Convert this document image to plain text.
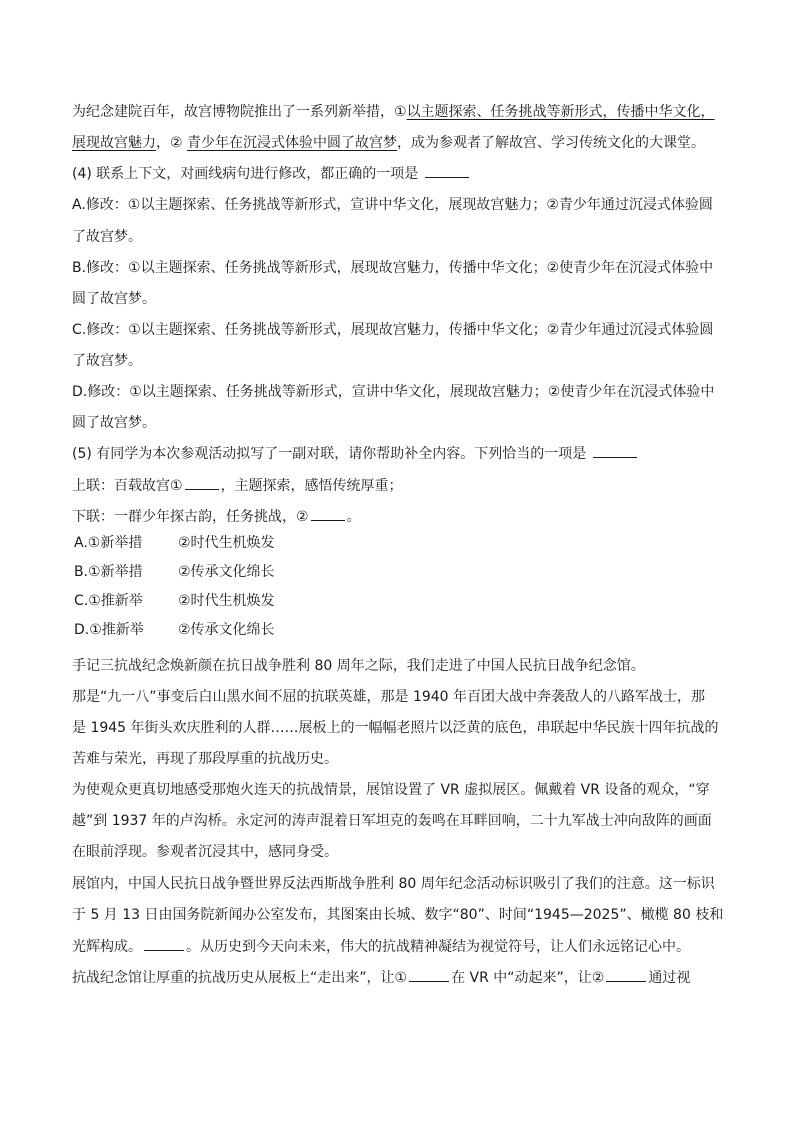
为纪念建院百年，故宫博物院推出了一系列新举措，①以主题探索、任务挑战等新形式，传播中华文化，
展现故宫魅力，② 青少年在沉浸式体验中圆了故宫梦，成为参观者了解故宫、学习传统文化的大课堂。
(4) 联系上下文，对画线病句进行修改，都正确的一项是
A.修改：①以主题探索、任务挑战等新形式，宣讲中华文化，展现故宫魅力；②青少年通过沉浸式体验圆
了故宫梦。
B.修改：①以主题探索、任务挑战等新形式，展现故宫魅力，传播中华文化；②使青少年在沉浸式体验中
圆了故宫梦。
C.修改：①以主题探索、任务挑战等新形式，展现故宫魅力，传播中华文化；②青少年通过沉浸式体验圆
了故宫梦。
D.修改：①以主题探索、任务挑战等新形式，宣讲中华文化，展现故宫魅力；②使青少年在沉浸式体验中
圆了故宫梦。
(5) 有同学为本次参观活动拟写了一副对联，请你帮助补全内容。下列恰当的一项是
上联：百载故宫①	，主题探索，感悟传统厚重；
下联：一群少年探古韵，任务挑战，②	。
A.①新举措	②时代生机焕发
B.①新举措	②传承文化绵长
C.①推新举	②时代生机焕发
D.①推新举 ②传承文化绵长
手记三抗战纪念焕新颜在抗日战争胜利 80 周年之际，我们走进了中国人民抗日战争纪念馆。
那是“九一八”事变后白山黑水间不屈的抗联英雄，那是 1940 年百团大战中奔袭敌人的八路军战士，那
是 1945 年街头欢庆胜利的人群……展板上的一幅幅老照片以泛黄的底色，串联起中华民族十四年抗战的
苦难与荣光，再现了那段厚重的抗战历史。
为使观众更真切地感受那炮火连天的抗战情景，展馆设置了 VR 虚拟展区。佩戴着 VR 设备的观众，“穿
越”到 1937 年的卢沟桥。永定河的涛声混着日军坦克的轰鸣在耳畔回响，二十九军战士冲向敌阵的画面
在眼前浮现。参观者沉浸其中，感同身受。
展馆内，中国人民抗日战争暨世界反法西斯战争胜利 80 周年纪念活动标识吸引了我们的注意。这一标识
于 5 月 13 日由国务院新闻办公室发布，其图案由长城、数字“80”、时间“1945—2025”、橄榄 80 枝和
光辉构成。	。从历史到今天向未来，伟大的抗战精神凝结为视觉符号，让人们永远铭记心中。
抗战纪念馆让厚重的抗战历史从展板上“走出来”，让①	在 VR 中“动起来”，让②	通过视
